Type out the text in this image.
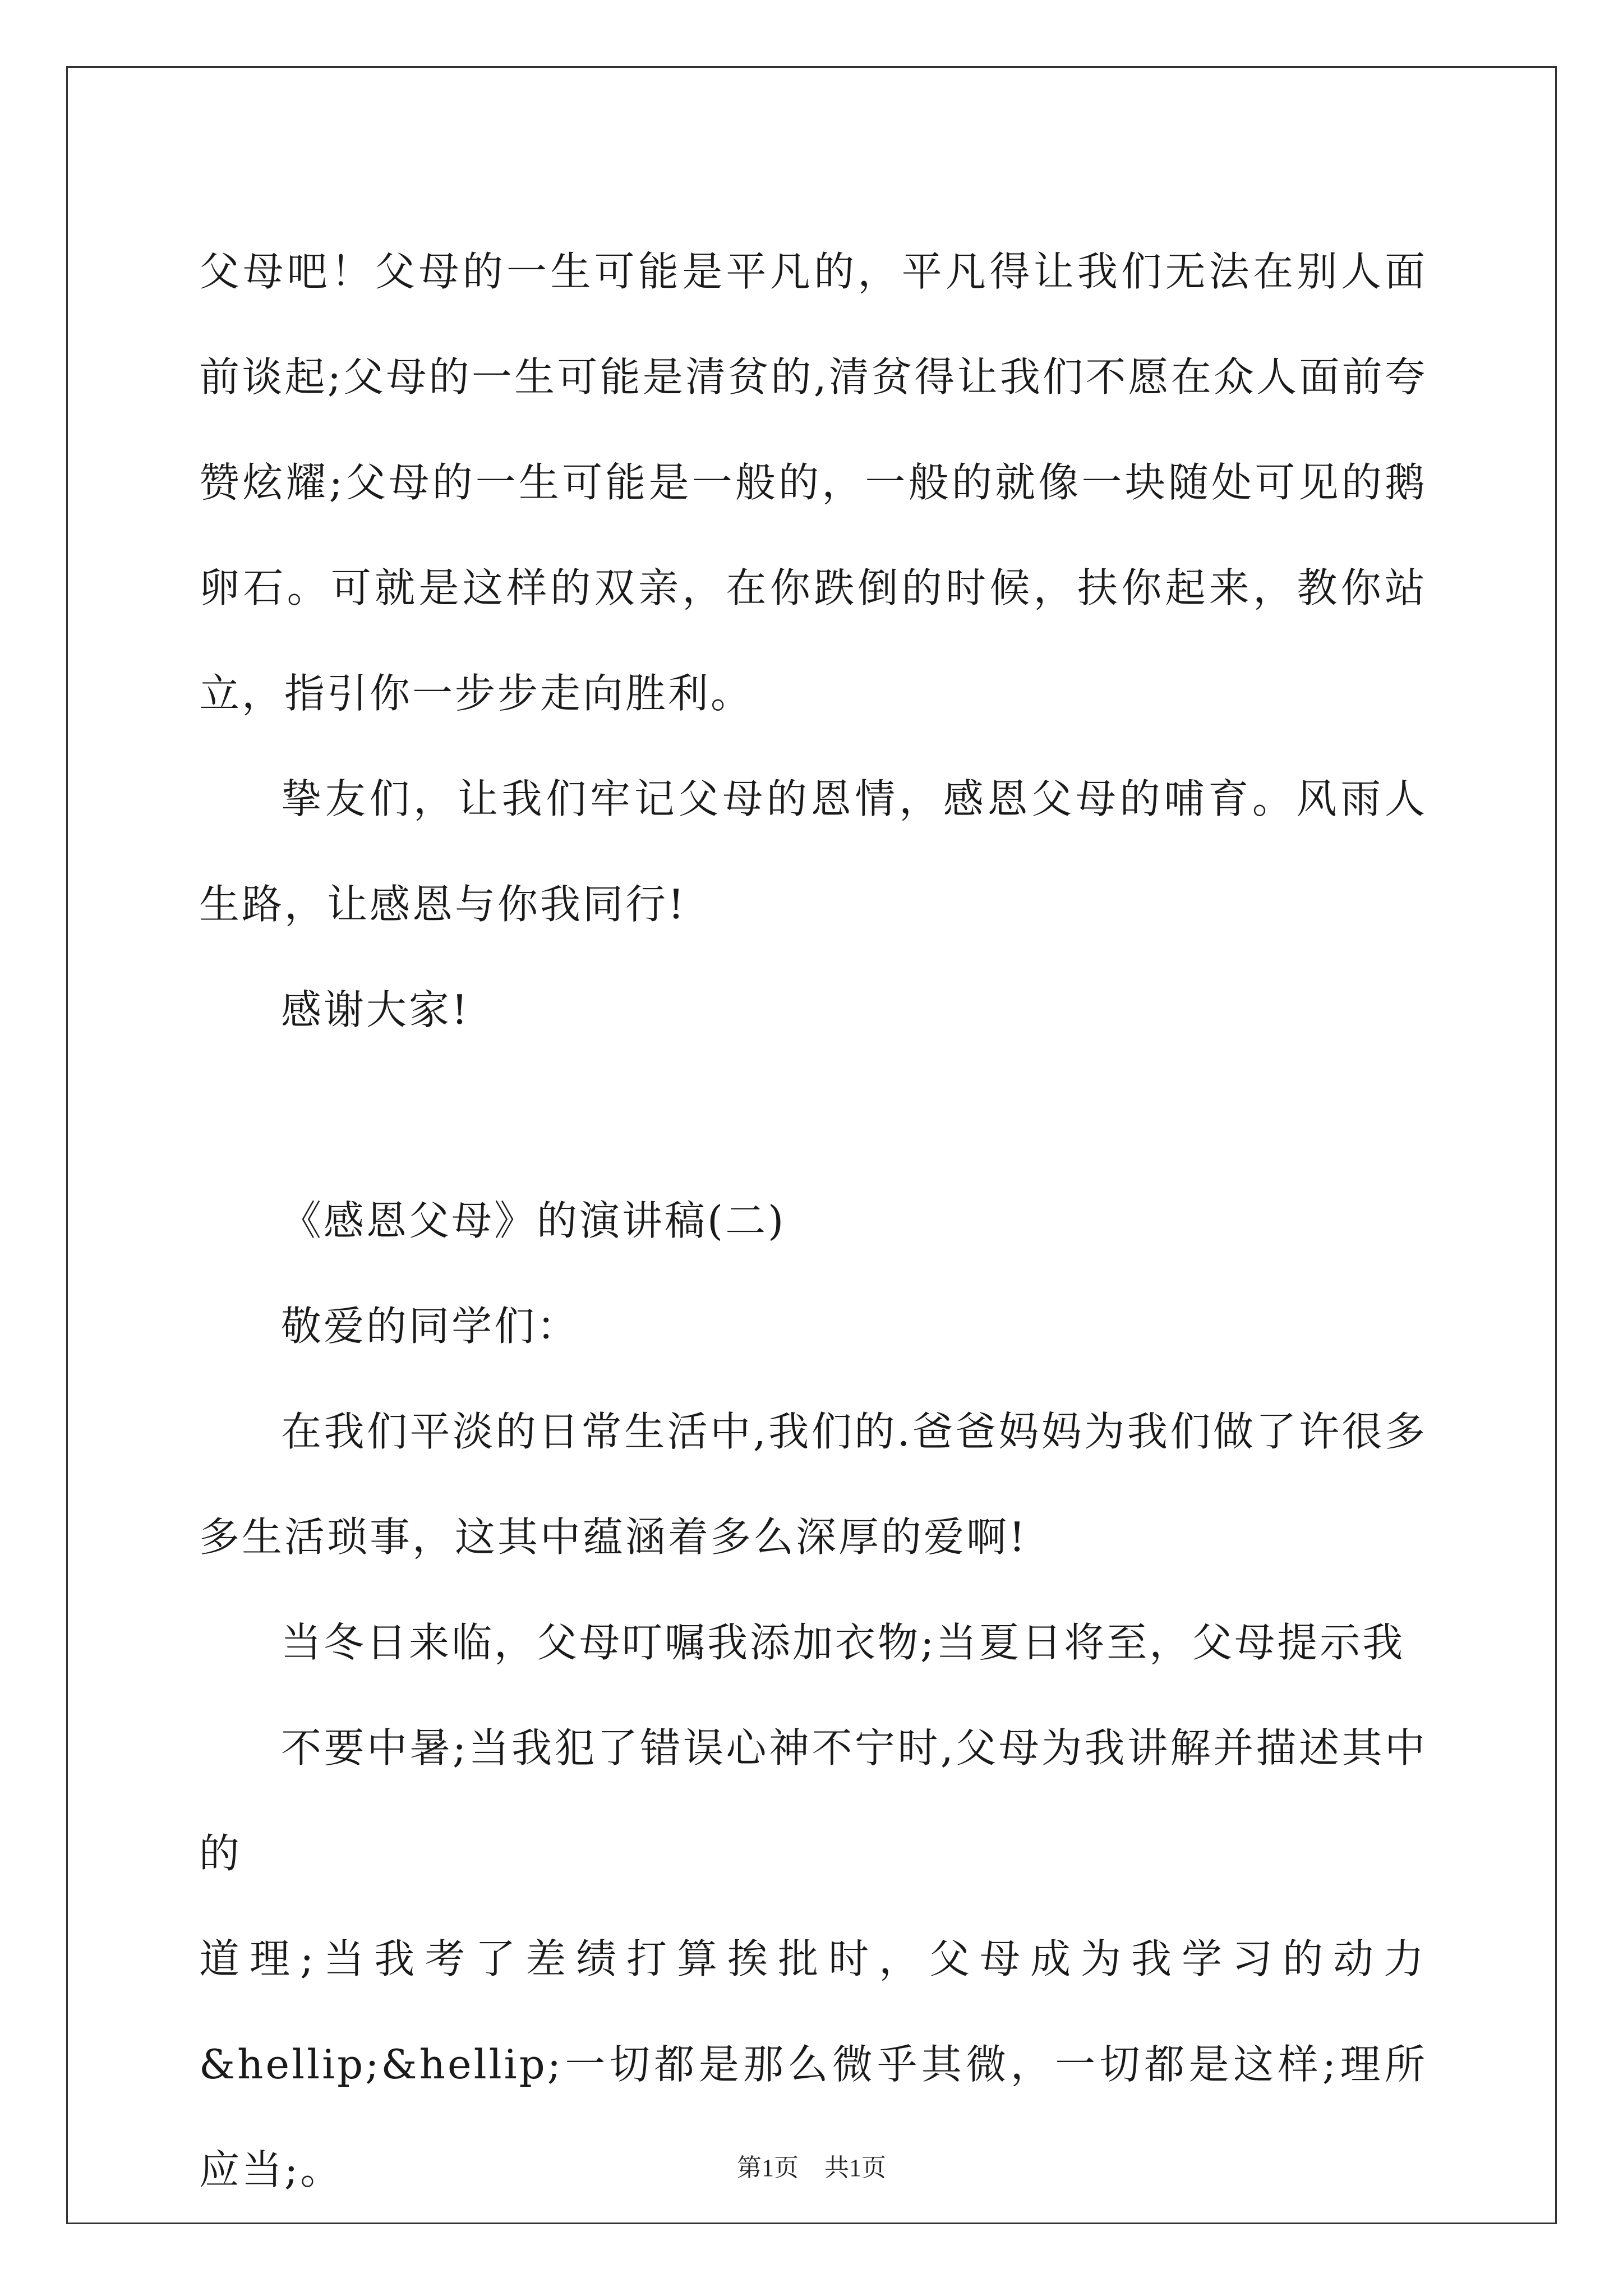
父母吧！父母的一生可能是平凡的，平凡得让我们无法在别人面前谈起;父母的一生可能是清贫的,清贫得让我们不愿在众人面前夸赞炫耀;父母的一生可能是一般的，一般的就像一块随处可见的鹅卵石。可就是这样的双亲，在你跌倒的时候，扶你起来，教你站立，指引你一步步走向胜利。

挚友们，让我们牢记父母的恩情，感恩父母的哺育。风雨人生路，让感恩与你我同行!

感谢大家!

《感恩父母》的演讲稿(二)

敬爱的同学们：

在我们平淡的日常生活中,我们的.爸爸妈妈为我们做了许很多多生活琐事，这其中蕴涵着多么深厚的爱啊!

当冬日来临，父母叮嘱我添加衣物;当夏日将至，父母提示我

不要中暑;当我犯了错误心神不宁时,父母为我讲解并描述其中的

道理;当我考了差绩打算挨批时，父母成为我学习的动力

&hellip;&hellip;一切都是那么微乎其微，一切都是这样;理所应当;。	第1页 共1页
